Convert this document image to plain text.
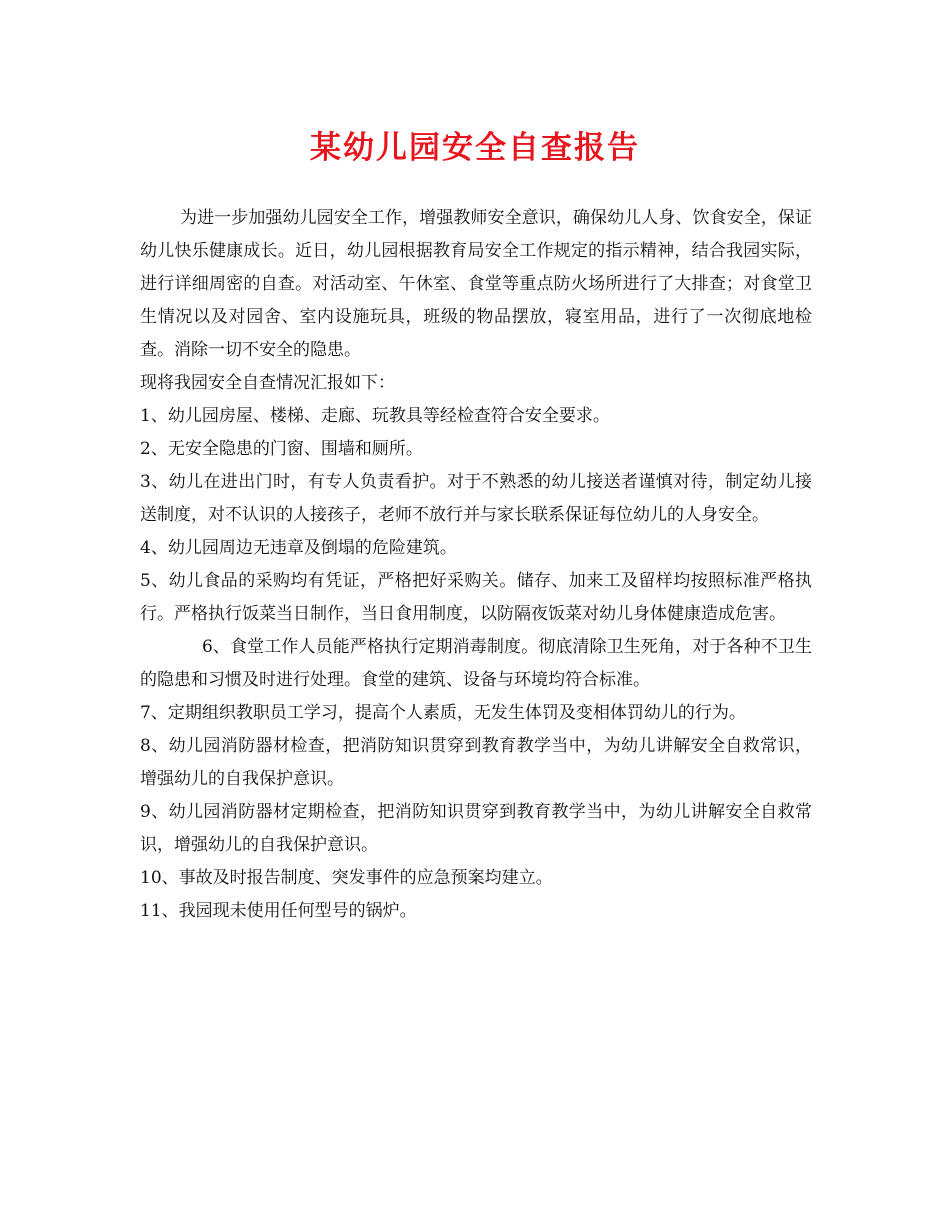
某幼儿园安全自查报告

为进一步加强幼儿园安全工作，增强教师安全意识，确保幼儿人身、饮食安全，保证幼儿快乐健康成长。近日，幼儿园根据教育局安全工作规定的指示精神，结合我园实际，进行详细周密的自查。对活动室、午休室、食堂等重点防火场所进行了大排查；对食堂卫生情况以及对园舍、室内设施玩具，班级的物品摆放，寝室用品，进行了一次彻底地检查。消除一切不安全的隐患。

现将我园安全自查情况汇报如下：

1、幼儿园房屋、楼梯、走廊、玩教具等经检查符合安全要求。

2、无安全隐患的门窗、围墙和厕所。

3、幼儿在进出门时，有专人负责看护。对于不熟悉的幼儿接送者谨慎对待，制定幼儿接送制度，对不认识的人接孩子，老师不放行并与家长联系保证每位幼儿的人身安全。

4、幼儿园周边无违章及倒塌的危险建筑。

5、幼儿食品的采购均有凭证，严格把好采购关。储存、加来工及留样均按照标准严格执行。严格执行饭菜当日制作，当日食用制度，以防隔夜饭菜对幼儿身体健康造成危害。

6、食堂工作人员能严格执行定期消毒制度。彻底清除卫生死角，对于各种不卫生的隐患和习惯及时进行处理。食堂的建筑、设备与环境均符合标准。

7、定期组织教职员工学习，提高个人素质，无发生体罚及变相体罚幼儿的行为。

8、幼儿园消防器材检查，把消防知识贯穿到教育教学当中，为幼儿讲解安全自救常识，增强幼儿的自我保护意识。

9、幼儿园消防器材定期检查，把消防知识贯穿到教育教学当中，为幼儿讲解安全自救常识，增强幼儿的自我保护意识。

10、事故及时报告制度、突发事件的应急预案均建立。

11、我园现未使用任何型号的锅炉。
